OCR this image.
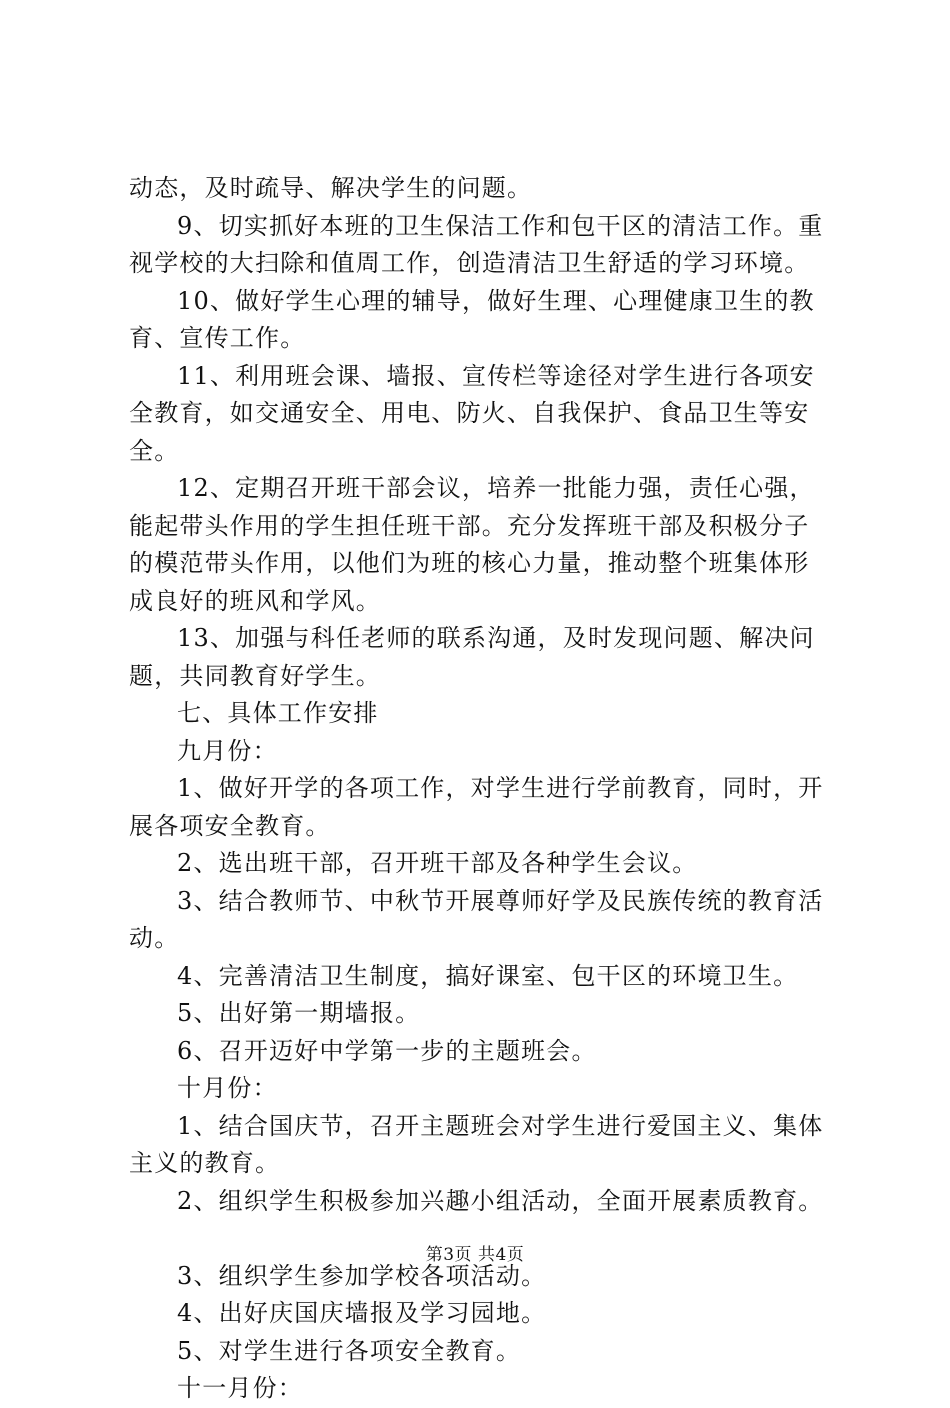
动态，及时疏导、解决学生的问题。
9、切实抓好本班的卫生保洁工作和包干区的清洁工作。重
视学校的大扫除和值周工作，创造清洁卫生舒适的学习环境。
10、做好学生心理的辅导，做好生理、心理健康卫生的教
育、宣传工作。
11、利用班会课、墙报、宣传栏等途径对学生进行各项安
全教育，如交通安全、用电、防火、自我保护、食品卫生等安
全。
12、定期召开班干部会议，培养一批能力强，责任心强，
能起带头作用的学生担任班干部。充分发挥班干部及积极分子
的模范带头作用，以他们为班的核心力量，推动整个班集体形
成良好的班风和学风。
13、加强与科任老师的联系沟通，及时发现问题、解决问
题，共同教育好学生。
七、具体工作安排
九月份：
1、做好开学的各项工作，对学生进行学前教育，同时，开
展各项安全教育。
2、选出班干部，召开班干部及各种学生会议。
3、结合教师节、中秋节开展尊师好学及民族传统的教育活
动。
4、完善清洁卫生制度，搞好课室、包干区的环境卫生。
5、出好第一期墙报。
6、召开迈好中学第一步的主题班会。
十月份：
1、结合国庆节，召开主题班会对学生进行爱国主义、集体
主义的教育。
2、组织学生积极参加兴趣小组活动，全面开展素质教育。
3、组织学生参加学校各项活动。
4、出好庆国庆墙报及学习园地。
5、对学生进行各项安全教育。
十一月份：
第3页 共4页
